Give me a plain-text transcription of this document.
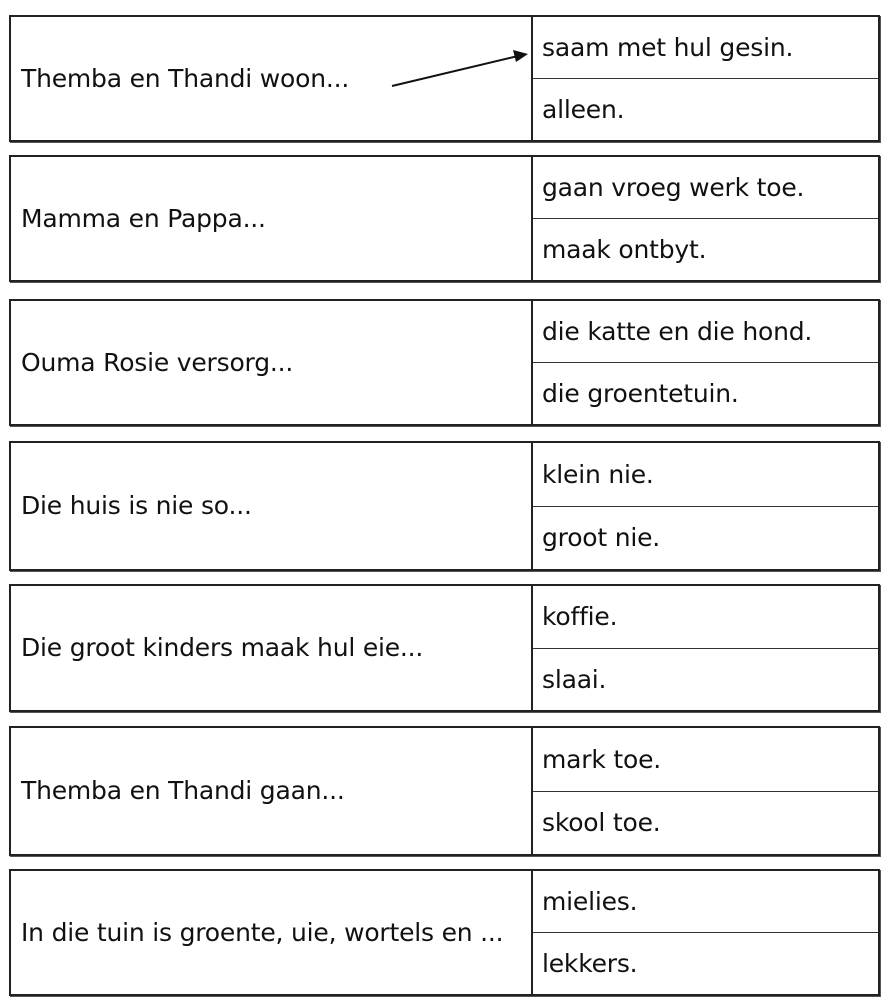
Themba en Thandi woon...
saam met hul gesin.
alleen.
Mamma en Pappa...
gaan vroeg werk toe.
maak ontbyt.
Ouma Rosie versorg...
die katte en die hond.
die groentetuin.
Die huis is nie so...
klein nie.
groot nie.
Die groot kinders maak hul eie...
koffie.
slaai.
Themba en Thandi gaan...
mark toe.
skool toe.
In die tuin is groente, uie, wortels en ...
mielies.
lekkers.
